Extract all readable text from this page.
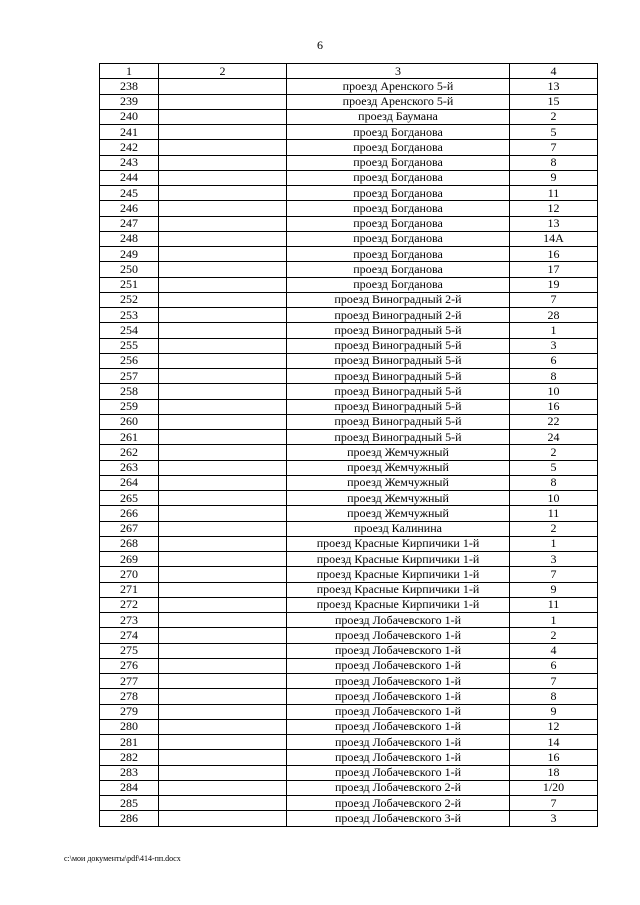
6
1	2	3	4
238		проезд Аренского 5-й	13
239		проезд Аренского 5-й	15
240		проезд Баумана	2
241		проезд Богданова	5
242		проезд Богданова	7
243		проезд Богданова	8
244		проезд Богданова	9
245		проезд Богданова	11
246		проезд Богданова	12
247		проезд Богданова	13
248		проезд Богданова	14А
249		проезд Богданова	16
250		проезд Богданова	17
251		проезд Богданова	19
252		проезд Виноградный 2-й	7
253		проезд Виноградный 2-й	28
254		проезд Виноградный 5-й	1
255		проезд Виноградный 5-й	3
256		проезд Виноградный 5-й	6
257		проезд Виноградный 5-й	8
258		проезд Виноградный 5-й	10
259		проезд Виноградный 5-й	16
260		проезд Виноградный 5-й	22
261		проезд Виноградный 5-й	24
262		проезд Жемчужный	2
263		проезд Жемчужный	5
264		проезд Жемчужный	8
265		проезд Жемчужный	10
266		проезд Жемчужный	11
267		проезд Калинина	2
268		проезд Красные Кирпичики 1-й	1
269		проезд Красные Кирпичики 1-й	3
270		проезд Красные Кирпичики 1-й	7
271		проезд Красные Кирпичики 1-й	9
272		проезд Красные Кирпичики 1-й	11
273		проезд Лобачевского 1-й	1
274		проезд Лобачевского 1-й	2
275		проезд Лобачевского 1-й	4
276		проезд Лобачевского 1-й	6
277		проезд Лобачевского 1-й	7
278		проезд Лобачевского 1-й	8
279		проезд Лобачевского 1-й	9
280		проезд Лобачевского 1-й	12
281		проезд Лобачевского 1-й	14
282		проезд Лобачевского 1-й	16
283		проезд Лобачевского 1-й	18
284		проезд Лобачевского 2-й	1/20
285		проезд Лобачевского 2-й	7
286		проезд Лобачевского 3-й	3
c:\мои документы\pdf\414-пп.docx
